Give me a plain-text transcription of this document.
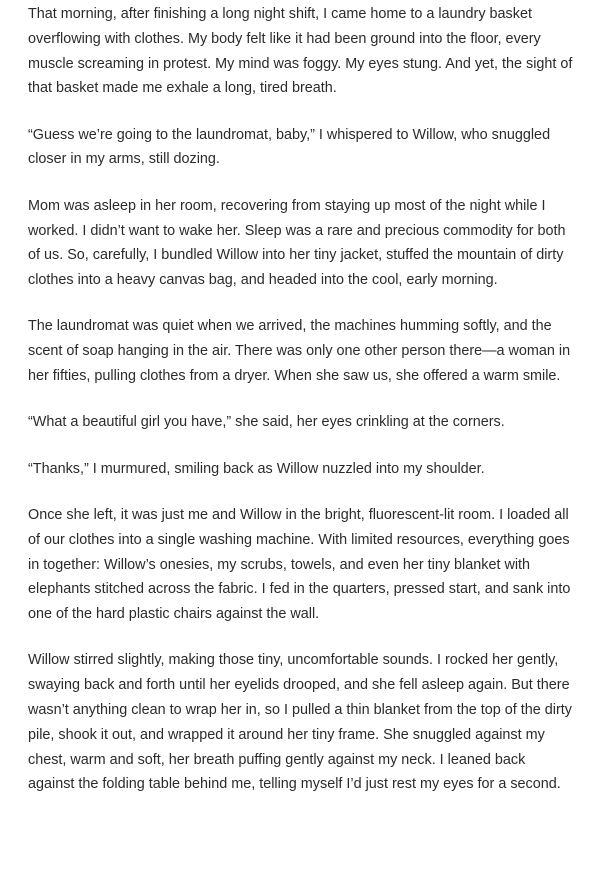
That morning, after finishing a long night shift, I came home to a laundry basket overflowing with clothes. My body felt like it had been ground into the floor, every muscle screaming in protest. My mind was foggy. My eyes stung. And yet, the sight of that basket made me exhale a long, tired breath.

“Guess we’re going to the laundromat, baby,” I whispered to Willow, who snuggled closer in my arms, still dozing.

Mom was asleep in her room, recovering from staying up most of the night while I worked. I didn’t want to wake her. Sleep was a rare and precious commodity for both of us. So, carefully, I bundled Willow into her tiny jacket, stuffed the mountain of dirty clothes into a heavy canvas bag, and headed into the cool, early morning.

The laundromat was quiet when we arrived, the machines humming softly, and the scent of soap hanging in the air. There was only one other person there—a woman in her fifties, pulling clothes from a dryer. When she saw us, she offered a warm smile.

“What a beautiful girl you have,” she said, her eyes crinkling at the corners.

“Thanks,” I murmured, smiling back as Willow nuzzled into my shoulder.

Once she left, it was just me and Willow in the bright, fluorescent-lit room. I loaded all of our clothes into a single washing machine. With limited resources, everything goes in together: Willow’s onesies, my scrubs, towels, and even her tiny blanket with elephants stitched across the fabric. I fed in the quarters, pressed start, and sank into one of the hard plastic chairs against the wall.

Willow stirred slightly, making those tiny, uncomfortable sounds. I rocked her gently, swaying back and forth until her eyelids drooped, and she fell asleep again. But there wasn’t anything clean to wrap her in, so I pulled a thin blanket from the top of the dirty pile, shook it out, and wrapped it around her tiny frame. She snuggled against my chest, warm and soft, her breath puffing gently against my neck. I leaned back against the folding table behind me, telling myself I’d just rest my eyes for a second.
